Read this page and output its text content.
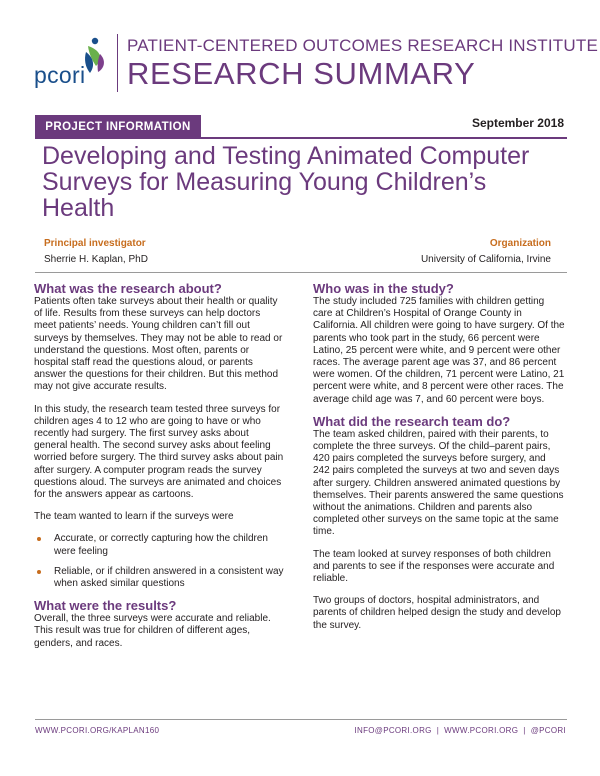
pcori
PATIENT-CENTERED OUTCOMES RESEARCH INSTITUTE
RESEARCH SUMMARY
PROJECT INFORMATION	September 2018
Developing and Testing Animated Computer Surveys for Measuring Young Children’s Health
Principal investigator
Sherrie H. Kaplan, PhD
Organization
University of California, Irvine
What was the research about?

Patients often take surveys about their health or quality of life. Results from these surveys can help doctors meet patients’ needs. Young children can’t fill out surveys by themselves. They may not be able to read or understand the questions. Most often, parents or hospital staff read the questions aloud, or parents answer the questions for their children. But this method may not give accurate results.

In this study, the research team tested three surveys for children ages 4 to 12 who are going to have or who recently had surgery. The first survey asks about general health. The second survey asks about feeling worried before surgery. The third survey asks about pain after surgery. A computer program reads the survey questions aloud. The surveys are animated and choices for the answers appear as cartoons.

The team wanted to learn if the surveys were

Accurate, or correctly capturing how the children were feeling
Reliable, or if children answered in a consistent way when asked similar questions
What were the results?

Overall, the three surveys were accurate and reliable. This result was true for children of different ages, genders, and races.

Who was in the study?

The study included 725 families with children getting care at Children’s Hospital of Orange County in California. All children were going to have surgery. Of the parents who took part in the study, 66 percent were Latino, 25 percent were white, and 9 percent were other races. The average parent age was 37, and 86 percent were women. Of the children, 71 percent were Latino, 21 percent were white, and 8 percent were other races. The average child age was 7, and 60 percent were boys.

What did the research team do?

The team asked children, paired with their parents, to complete the three surveys. Of the child–parent pairs, 420 pairs completed the surveys before surgery, and 242 pairs completed the surveys at two and seven days after surgery. Children answered animated questions by themselves. Their parents answered the same questions without the animations. Children and parents also completed other surveys on the same topic at the same time.

The team looked at survey responses of both children and parents to see if the responses were accurate and reliable.

Two groups of doctors, hospital administrators, and parents of children helped design the study and develop the survey.

WWW.PCORI.ORG/KAPLAN160	INFO@PCORI.ORG  |  WWW.PCORI.ORG  |  @PCORI
